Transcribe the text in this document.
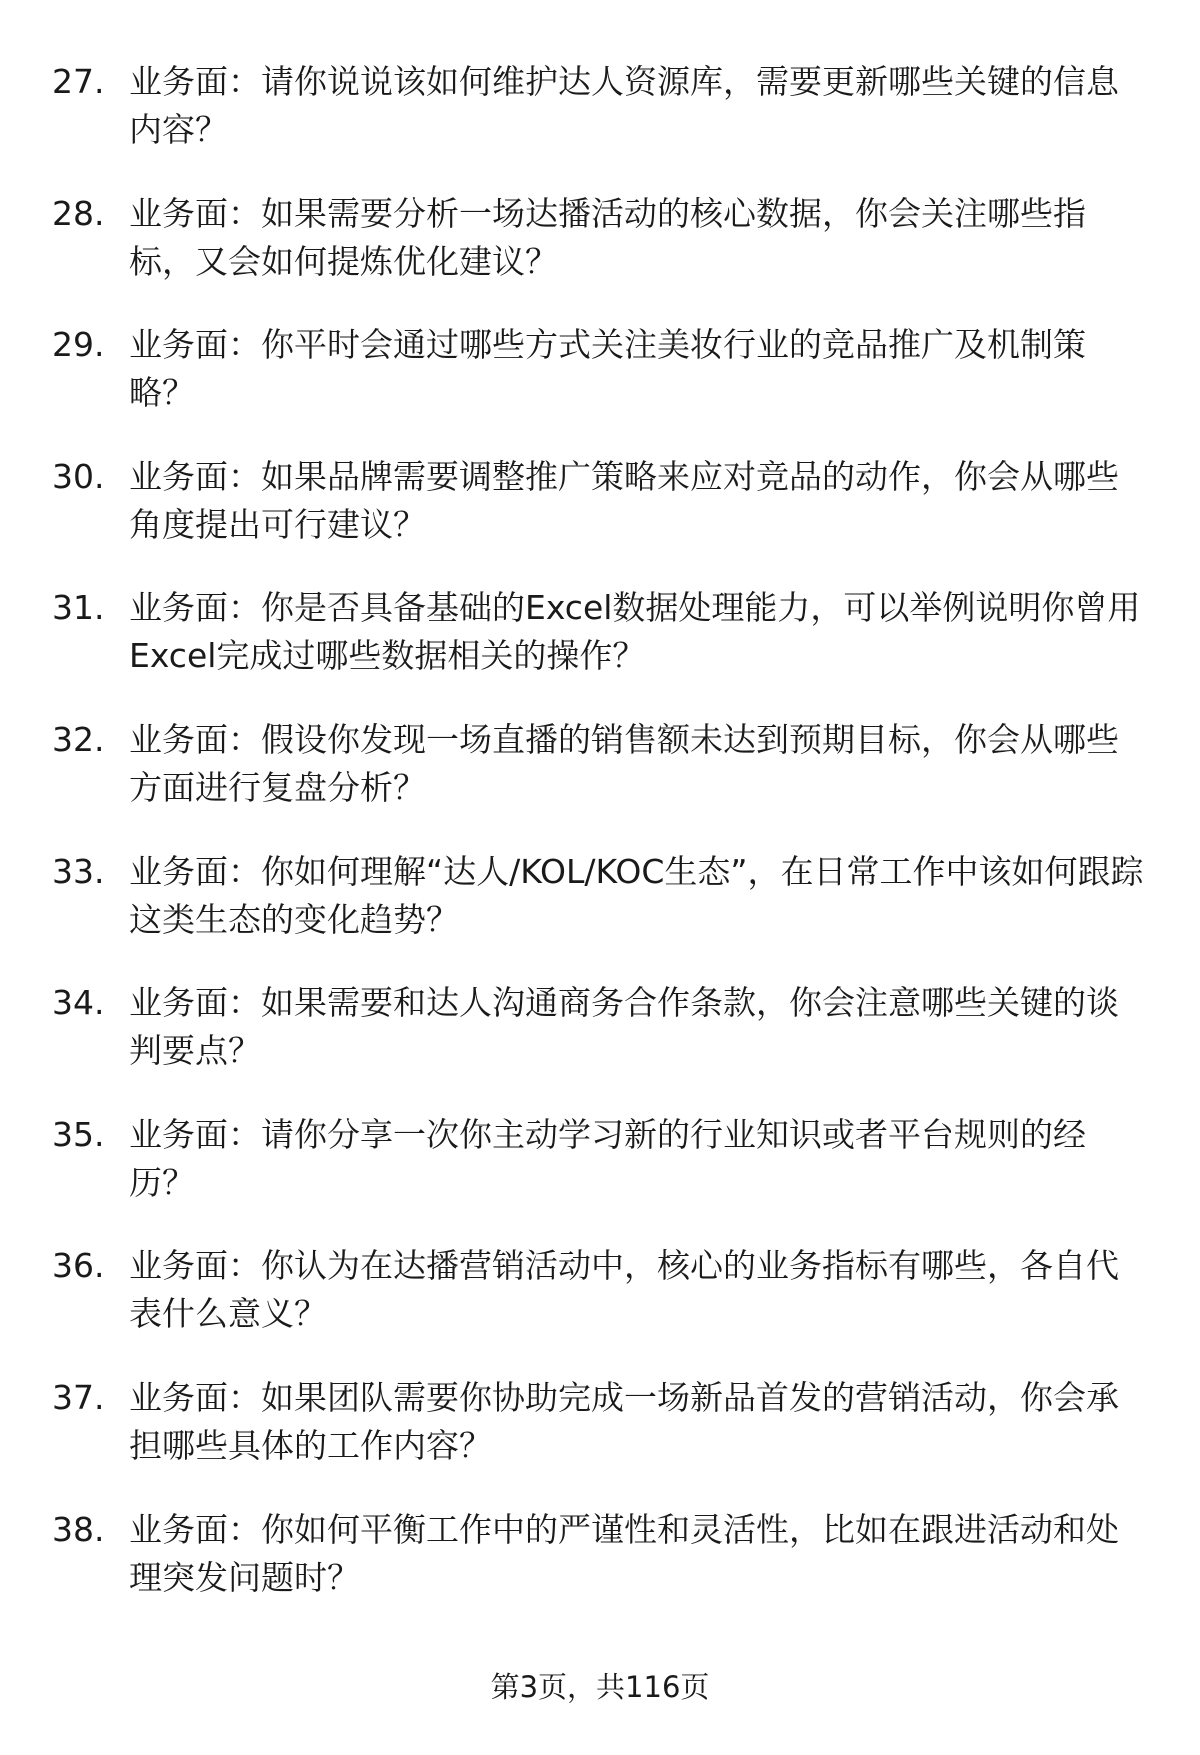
27. 业务面：请你说说该如何维护达人资源库，需要更新哪些关键的信息内容？
28. 业务面：如果需要分析一场达播活动的核心数据，你会关注哪些指标，又会如何提炼优化建议？
29. 业务面：你平时会通过哪些方式关注美妆行业的竞品推广及机制策略？
30. 业务面：如果品牌需要调整推广策略来应对竞品的动作，你会从哪些角度提出可行建议？
31. 业务面：你是否具备基础的Excel数据处理能力，可以举例说明你曾用Excel完成过哪些数据相关的操作？
32. 业务面：假设你发现一场直播的销售额未达到预期目标，你会从哪些方面进行复盘分析？
33. 业务面：你如何理解“达人/KOL/KOC生态”，在日常工作中该如何跟踪这类生态的变化趋势？
34. 业务面：如果需要和达人沟通商务合作条款，你会注意哪些关键的谈判要点？
35. 业务面：请你分享一次你主动学习新的行业知识或者平台规则的经历？
36. 业务面：你认为在达播营销活动中，核心的业务指标有哪些，各自代表什么意义？
37. 业务面：如果团队需要你协助完成一场新品首发的营销活动，你会承担哪些具体的工作内容？
38. 业务面：你如何平衡工作中的严谨性和灵活性，比如在跟进活动和处理突发问题时？
第3页，共116页
